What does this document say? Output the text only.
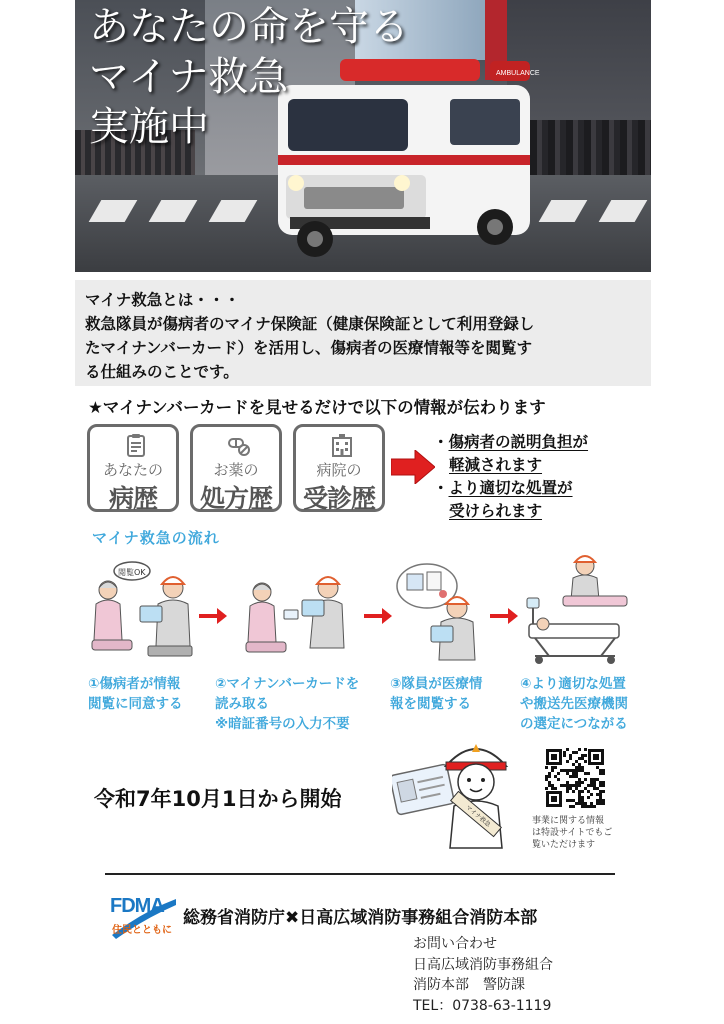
AMBULANCE
あなたの命を守る
マイナ救急
実施中
マイナ救急とは・・・
救急隊員が傷病者のマイナ保険証（健康保険証として利用登録し
たマイナンバーカード）を活用し、傷病者の医療情報等を閲覧す
る仕組みのことです。
★マイナンバーカードを見せるだけで以下の情報が伝わります
あなたの
病歴
お薬の
処方歴
病院の
受診歴
・傷病者の説明負担が
軽減されます
・より適切な処置が
受けられます
マイナ救急の流れ
閲覧OK
①傷病者が情報
閲覧に同意する
②マイナンバーカードを
読み取る
※暗証番号の入力不要
③隊員が医療情
報を閲覧する
④より適切な処置
や搬送先医療機関
の選定につながる
令和7年10月1日から開始
マイナ救急	事業に関する情報
は特設サイトでもご
覧いただけます
FDMA
住民とともに
総務省消防庁✖日高広域消防事務組合消防本部
お問い合わせ
日高広域消防事務組合
消防本部　警防課
TEL：0738-63-1119
